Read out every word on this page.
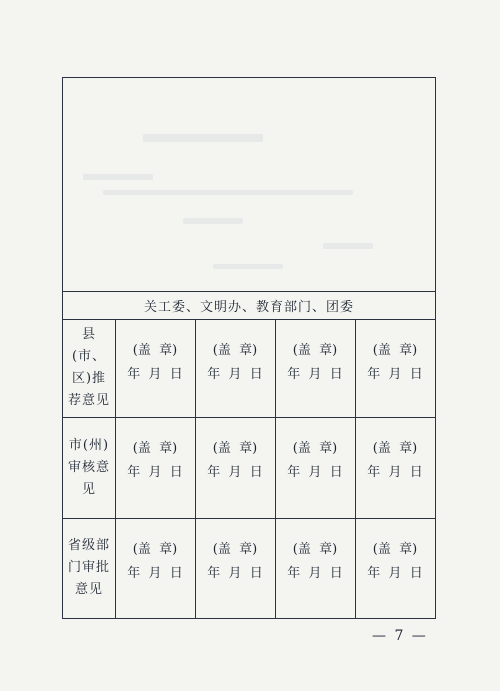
关工委、文明办、教育部门、团委
县(市、区)推荐意见
(盖  章)
年  月  日
(盖  章)
年  月  日
(盖  章)
年  月  日
(盖  章)
年  月  日
市(州)审核意见
(盖  章)
年  月  日
(盖  章)
年  月  日
(盖  章)
年  月  日
(盖  章)
年  月  日
省级部门审批意见
(盖  章)
年  月  日
(盖  章)
年  月  日
(盖  章)
年  月  日
(盖  章)
年  月  日
— 7 —
